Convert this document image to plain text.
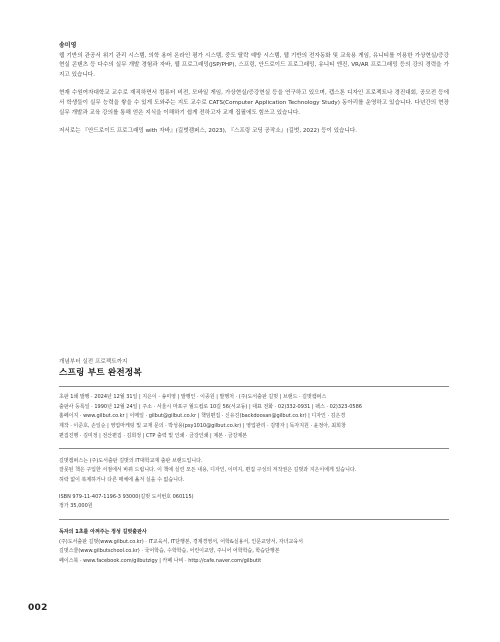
송미영

웹 기반의 관공서 위기 관리 시스템, 의학 용어 온라인 평가 시스템, 중도 탈락 예방 시스템, 웹 기반의 전자동화 및 교육용 게임, 유니티를 이용한 가상현실/증강현실 콘텐츠 등 다수의 실무 개발 경험과 자바, 웹 프로그래밍(JSP/PHP), 스프링, 안드로이드 프로그래밍, 유니티 엔진, VR/AR 프로그래밍 등의 강의 경력을 가지고 있습니다.

현재 수원여자대학교 교수로 재직하면서 컴퓨터 비전, 모바일 게임, 가상현실/증강현실 등을 연구하고 있으며, 캡스톤 디자인 프로젝트나 경진대회, 공모전 등에서 학생들이 실무 능력을 쌓을 수 있게 도와주는 지도 교수로 CATS(Computer Application Technology Study) 동아리를 운영하고 있습니다. 다년간의 현장 실무 개발과 교육 강의를 통해 얻은 지식을 이해하기 쉽게 전하고자 교재 집필에도 힘쓰고 있습니다.

저서로는 『안드로이드 프로그래밍 with 자바』(길벗캠퍼스, 2023), 『스프링 코딩 공작소』(길벗, 2022) 등이 있습니다.

개념부터 실전 프로젝트까지
스프링 부트 완전정복
초판 1쇄 발행 · 2024년 12월 31일 | 지은이 · 송미영 | 발행인 · 이종원 | 발행처 · (주)도서출판 길벗 | 브랜드 · 길벗캠퍼스
출판사 등록일 · 1990년 12월 24일 | 주소 · 서울시 마포구 월드컵로 10길 56(서교동) | 대표 전화 · 02)332-0931 | 팩스 · 02)323-0586
홈페이지 · www.gilbut.co.kr | 이메일 · gilbut@gilbut.co.kr | 책임편집 · 신유진(backdoosan@gilbut.co.kr) | 디자인 · 김은경
제작 · 이준호, 손일순 | 영업마케팅 및 교재 문의 · 박성용(psy1010@gilbut.co.kr) | 영업관리 · 김명자 | 독자지원 · 윤정아, 최희창
편집진행 · 김미정 | 전산편집 · 김희정 | CTP 출력 및 인쇄 · 금강인쇄 | 제본 · 금강제본
길벗캠퍼스는 (주)도서출판 길벗의 IT대학교재 출판 브랜드입니다.
잘못된 책은 구입한 서점에서 바꿔 드립니다. 이 책에 실린 모든 내용, 디자인, 이미지, 편집 구성의 저작권은 길벗과 지은이에게 있습니다.
허락 없이 복제하거나 다른 매체에 옮겨 실을 수 없습니다.
ISBN 979-11-407-1196-3 93000(길벗 도서번호 060115)
정가 35,000원
독자의 1초를 아껴주는 정성 길벗출판사
(주)도서출판 길벗(www.gilbut.co.kr) · IT교육서, IT단행본, 경제경영서, 어학&실용서, 인문교양서, 자녀교육서
길벗스쿨(www.gilbutschool.co.kr) · 국어학습, 수학학습, 어린이교양, 주니어 어학학습, 학습단행본
페이스북 · www.facebook.com/gilbutzigy | 카페 나비 · http://cafe.naver.com/gilbutit
002
